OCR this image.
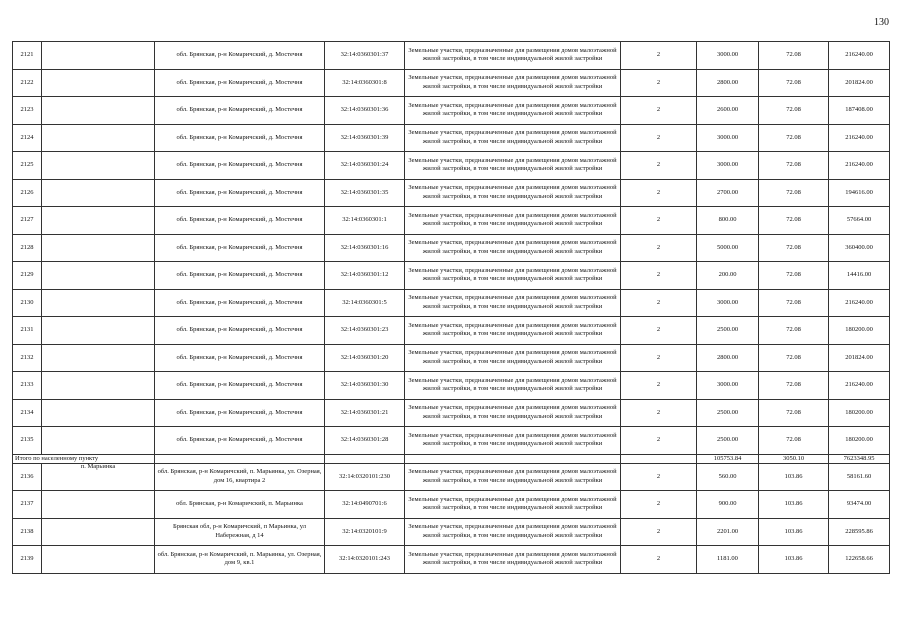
130
2121		обл. Брянская, р-н Комаричский, д. Мостечня	32:14:0360301:37	Земельные участки, предназначенные для размещения домов малоэтажной жилой застройки, в том числе индивидуальной жилой застройки	2	3000.00	72.08	216240.00
2122		обл. Брянская, р-н Комаричский, д. Мостечня	32:14:0360301:8	Земельные участки, предназначенные для размещения домов малоэтажной жилой застройки, в том числе индивидуальной жилой застройки	2	2800.00	72.08	201824.00
2123		обл. Брянская, р-н Комаричский, д. Мостечня	32:14:0360301:36	Земельные участки, предназначенные для размещения домов малоэтажной жилой застройки, в том числе индивидуальной жилой застройки	2	2600.00	72.08	187408.00
2124		обл. Брянская, р-н Комаричский, д. Мостечня	32:14:0360301:39	Земельные участки, предназначенные для размещения домов малоэтажной жилой застройки, в том числе индивидуальной жилой застройки	2	3000.00	72.08	216240.00
2125		обл. Брянская, р-н Комаричский, д. Мостечня	32:14:0360301:24	Земельные участки, предназначенные для размещения домов малоэтажной жилой застройки, в том числе индивидуальной жилой застройки	2	3000.00	72.08	216240.00
2126		обл. Брянская, р-н Комаричский, д. Мостечня	32:14:0360301:35	Земельные участки, предназначенные для размещения домов малоэтажной жилой застройки, в том числе индивидуальной жилой застройки	2	2700.00	72.08	194616.00
2127		обл. Брянская, р-н Комаричский, д. Мостечня	32:14:0360301:1	Земельные участки, предназначенные для размещения домов малоэтажной жилой застройки, в том числе индивидуальной жилой застройки	2	800.00	72.08	57664.00
2128		обл. Брянская, р-н Комаричский, д. Мостечня	32:14:0360301:16	Земельные участки, предназначенные для размещения домов малоэтажной жилой застройки, в том числе индивидуальной жилой застройки	2	5000.00	72.08	360400.00
2129		обл. Брянская, р-н Комаричский, д. Мостечня	32:14:0360301:12	Земельные участки, предназначенные для размещения домов малоэтажной жилой застройки, в том числе индивидуальной жилой застройки	2	200.00	72.08	14416.00
2130		обл. Брянская, р-н Комаричский, д. Мостечня	32:14:0360301:5	Земельные участки, предназначенные для размещения домов малоэтажной жилой застройки, в том числе индивидуальной жилой застройки	2	3000.00	72.08	216240.00
2131		обл. Брянская, р-н Комаричский, д. Мостечня	32:14:0360301:23	Земельные участки, предназначенные для размещения домов малоэтажной жилой застройки, в том числе индивидуальной жилой застройки	2	2500.00	72.08	180200.00
2132		обл. Брянская, р-н Комаричский, д. Мостечня	32:14:0360301:20	Земельные участки, предназначенные для размещения домов малоэтажной жилой застройки, в том числе индивидуальной жилой застройки	2	2800.00	72.08	201824.00
2133		обл. Брянская, р-н Комаричский, д. Мостечня	32:14:0360301:30	Земельные участки, предназначенные для размещения домов малоэтажной жилой застройки, в том числе индивидуальной жилой застройки	2	3000.00	72.08	216240.00
2134		обл. Брянская, р-н Комаричский, д. Мостечня	32:14:0360301:21	Земельные участки, предназначенные для размещения домов малоэтажной жилой застройки, в том числе индивидуальной жилой застройки	2	2500.00	72.08	180200.00
2135		обл. Брянская, р-н Комаричский, д. Мостечня	32:14:0360301:28	Земельные участки, предназначенные для размещения домов малоэтажной жилой застройки, в том числе индивидуальной жилой застройки	2	2500.00	72.08	180200.00
Итого по населенному пункту						105753.84	3050.10	7623348.95
2136	п. Марьинка	обл. Брянская, р-н Комаричский, п. Марьинка, ул. Озерная, дом 16, квартира 2	32:14:0320101:230	Земельные участки, предназначенные для размещения домов малоэтажной жилой застройки, в том числе индивидуальной жилой застройки	2	560.00	103.86	58161.60
2137		обл. Брянская, р-н Комаричский, п. Марьинка	32:14:0490701:6	Земельные участки, предназначенные для размещения домов малоэтажной жилой застройки, в том числе индивидуальной жилой застройки	2	900.00	103.86	93474.00
2138		Брянская обл, р-н Комаричский, п Марьинка, ул Набережная, д 14	32:14:0320101:9	Земельные участки, предназначенные для размещения домов малоэтажной жилой застройки, в том числе индивидуальной жилой застройки	2	2201.00	103.86	228595.86
2139		обл. Брянская, р-н Комаричский, п. Марьинка, ул. Озерная, дом 9, кв.1	32:14:0320101:243	Земельные участки, предназначенные для размещения домов малоэтажной жилой застройки, в том числе индивидуальной жилой застройки	2	1181.00	103.86	122658.66
